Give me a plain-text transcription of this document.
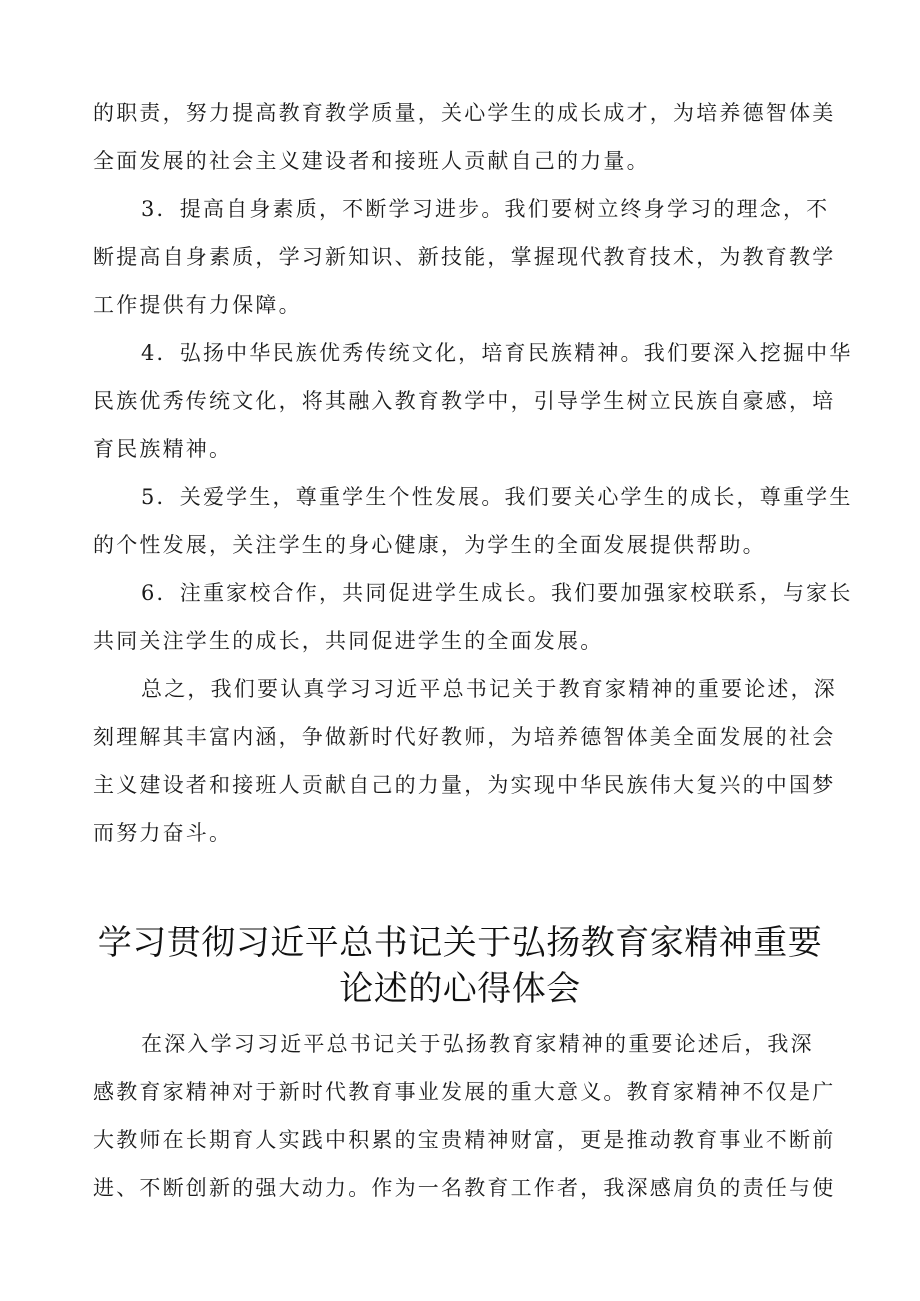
的职责，努力提高教育教学质量，关心学生的成长成才，为培养德智体美
全面发展的社会主义建设者和接班人贡献自己的力量。
3．提高自身素质，不断学习进步。我们要树立终身学习的理念，不
断提高自身素质，学习新知识、新技能，掌握现代教育技术，为教育教学
工作提供有力保障。
4．弘扬中华民族优秀传统文化，培育民族精神。我们要深入挖掘中华
民族优秀传统文化，将其融入教育教学中，引导学生树立民族自豪感，培
育民族精神。
5．关爱学生，尊重学生个性发展。我们要关心学生的成长，尊重学生
的个性发展，关注学生的身心健康，为学生的全面发展提供帮助。
6．注重家校合作，共同促进学生成长。我们要加强家校联系，与家长
共同关注学生的成长，共同促进学生的全面发展。
总之，我们要认真学习习近平总书记关于教育家精神的重要论述，深
刻理解其丰富内涵，争做新时代好教师，为培养德智体美全面发展的社会
主义建设者和接班人贡献自己的力量，为实现中华民族伟大复兴的中国梦
而努力奋斗。
学习贯彻习近平总书记关于弘扬教育家精神重要
论述的心得体会
在深入学习习近平总书记关于弘扬教育家精神的重要论述后，我深
感教育家精神对于新时代教育事业发展的重大意义。教育家精神不仅是广
大教师在长期育人实践中积累的宝贵精神财富，更是推动教育事业不断前
进、不断创新的强大动力。作为一名教育工作者，我深感肩负的责任与使
